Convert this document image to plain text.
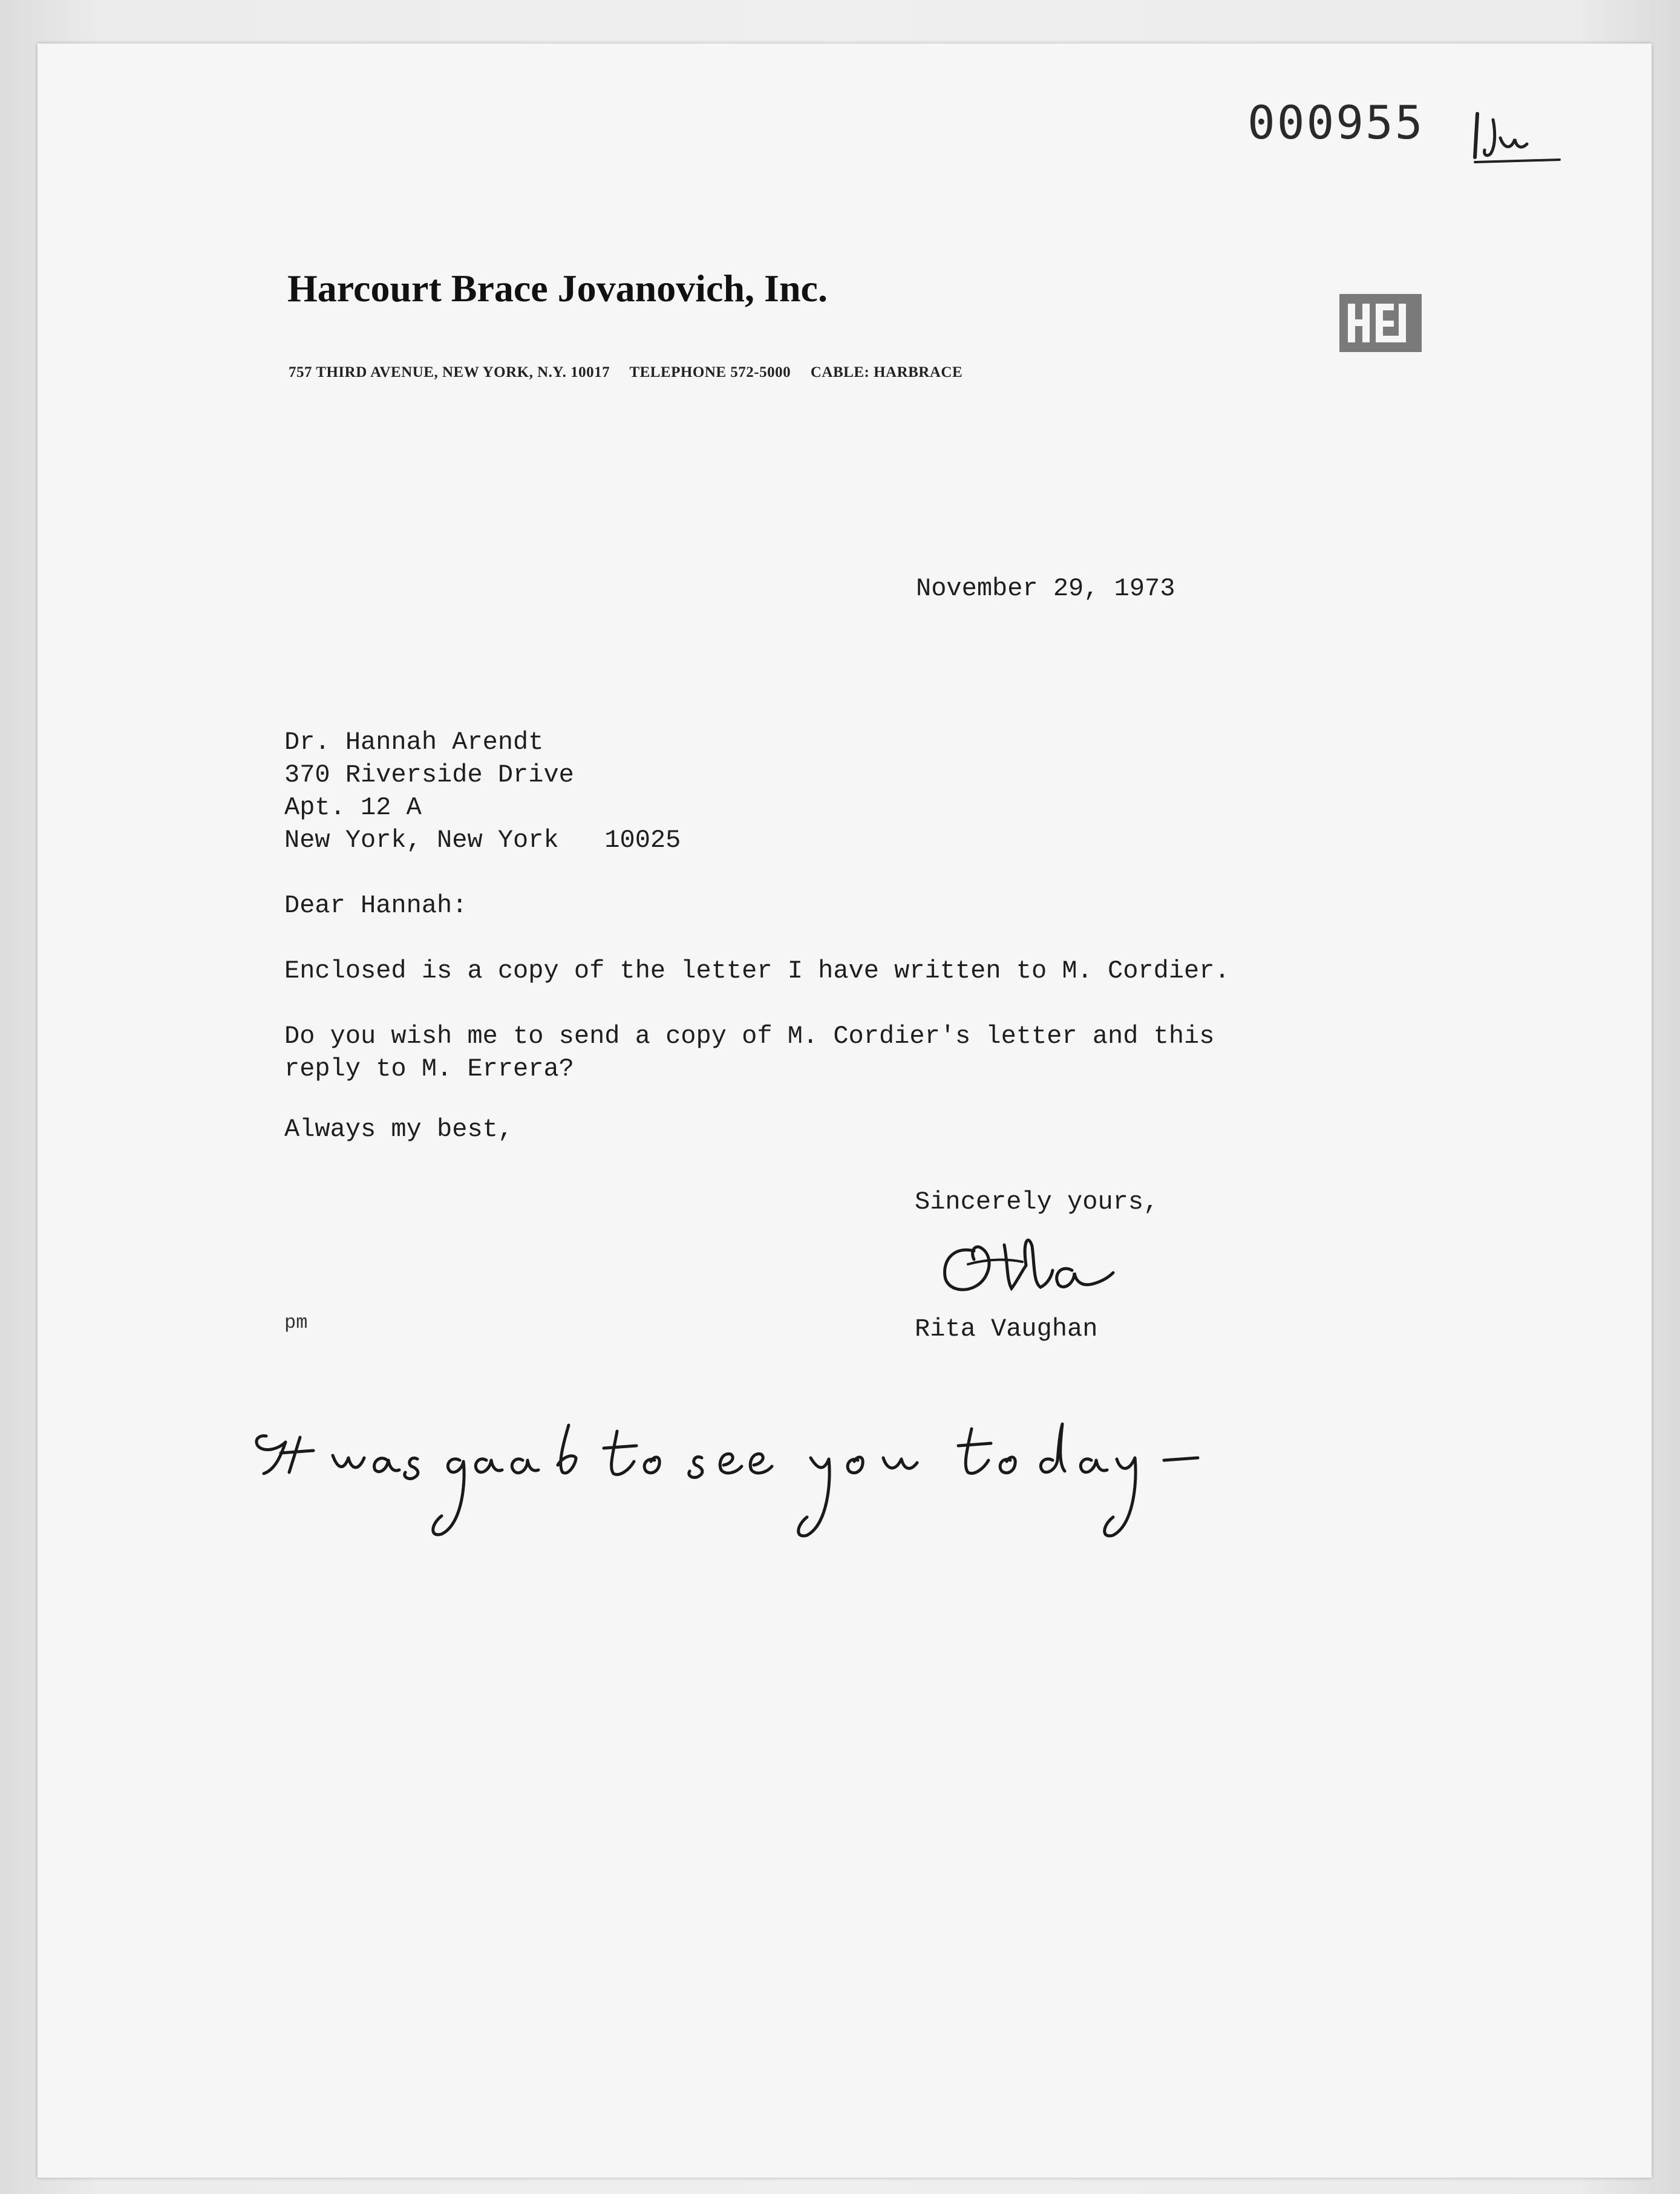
000955
Harcourt Brace Jovanovich, Inc.
757 THIRD AVENUE, NEW YORK, N.Y. 10017 TELEPHONE 572-5000 CABLE: HARBRACE
November 29, 1973
Dr. Hannah Arendt
370 Riverside Drive
Apt. 12 A
New York, New York   10025
Dear Hannah:
Enclosed is a copy of the letter I have written to M. Cordier.
Do you wish me to send a copy of M. Cordier's letter and this
reply to M. Errera?
Always my best,
Sincerely yours,
pm	Rita Vaughan
